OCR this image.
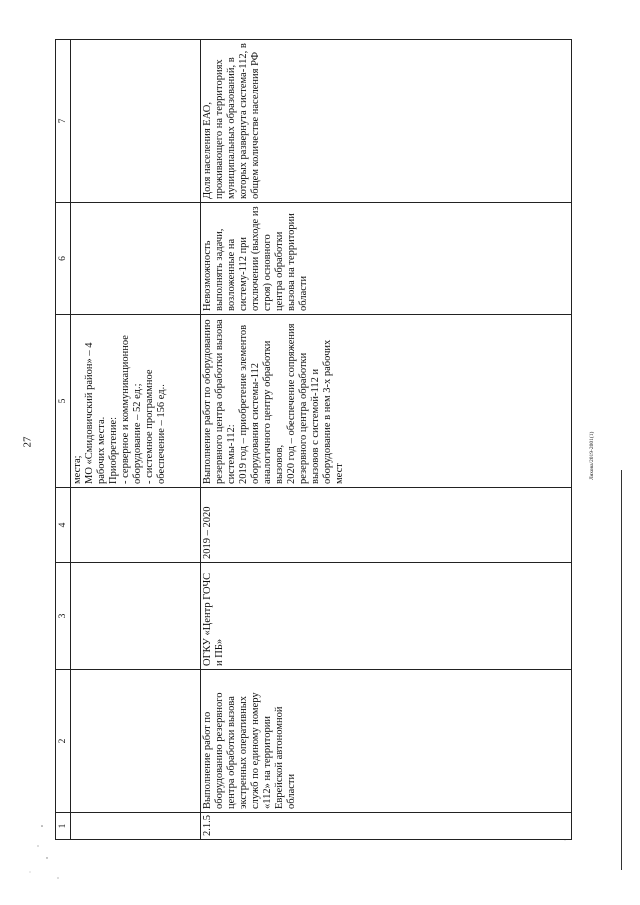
27	Ляхова/2019-2001(1)
1	2	3	4	5	6	7
				места;
МО «Смидовичский район» – 4 рабочих места.
Приобретение:
- серверное и коммуникационное оборудование – 52 ед.;
- системное программное обеспечение – 156 ед..		
2.1.5	Выполнение работ по оборудованию резервного центра обработки вызова экстренных оперативных служб по единому номеру «112» на территории Еврейской автономной области	ОГКУ «Центр ГОЧС и ПБ»	2019 – 2020	Выполнение работ по оборудованию резервного центра обработки вызова системы-112:
2019 год – приобретение элементов оборудования системы-112 аналогичного центру обработки вызовов,
2020 год – обеспечение сопряжения резервного центра обработки вызовов с системой-112 и оборудование в нем 3-х рабочих мест	Невозможность выполнять задачи, возложенные на систему-112 при отключении (выходе из строя) основного центра обработки вызова на территории области	Доля населения ЕАО, проживающего на территориях муниципальных образований, в которых развернута система-112, в общем количестве населения РФ
